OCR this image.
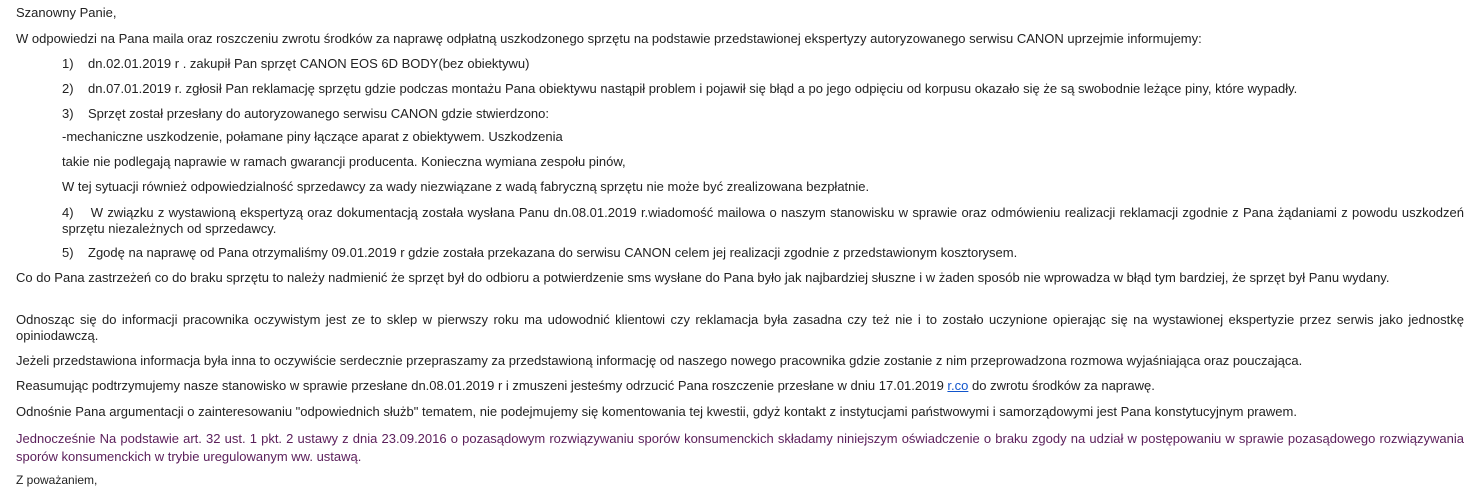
Szanowny Panie,
W odpowiedzi na Pana maila oraz roszczeniu zwrotu środków za naprawę odpłatną uszkodzonego sprzętu na podstawie przedstawionej ekspertyzy autoryzowanego serwisu CANON uprzejmie informujemy:
1) dn.02.01.2019 r . zakupił Pan sprzęt CANON EOS 6D BODY(bez obiektywu)
2) dn.07.01.2019 r. zgłosił Pan reklamację sprzętu gdzie podczas montażu Pana obiektywu nastąpił problem i pojawił się błąd a po jego odpięciu od korpusu okazało się że są swobodnie leżące piny, które wypadły.
3) Sprzęt został przesłany do autoryzowanego serwisu CANON gdzie stwierdzono:
-mechaniczne uszkodzenie, połamane piny łączące aparat z obiektywem. Uszkodzenia
takie nie podlegają naprawie w ramach gwarancji producenta. Konieczna wymiana zespołu pinów,
W tej sytuacji również odpowiedzialność sprzedawcy za wady niezwiązane z wadą fabryczną sprzętu nie może być zrealizowana bezpłatnie.
4) W związku z wystawioną ekspertyzą oraz dokumentacją została wysłana Panu dn.08.01.2019 r.wiadomość mailowa o naszym stanowisku w sprawie oraz odmówieniu realizacji reklamacji zgodnie z Pana żądaniami z powodu uszkodzeń sprzętu niezależnych od sprzedawcy.
5) Zgodę na naprawę od Pana otrzymaliśmy 09.01.2019 r gdzie została przekazana do serwisu CANON celem jej realizacji zgodnie z przedstawionym kosztorysem.
Co do Pana zastrzeżeń co do braku sprzętu to należy nadmienić że sprzęt był do odbioru a potwierdzenie sms wysłane do Pana było jak najbardziej słuszne i w żaden sposób nie wprowadza w błąd tym bardziej, że sprzęt był Panu wydany.
Odnosząc się do informacji pracownika oczywistym jest ze to sklep w pierwszy roku ma udowodnić klientowi czy reklamacja była zasadna czy też nie i to zostało uczynione opierając się na wystawionej ekspertyzie przez serwis jako jednostkę opiniodawczą.
Jeżeli przedstawiona informacja była inna to oczywiście serdecznie przepraszamy za przedstawioną informację od naszego nowego pracownika gdzie zostanie z nim przeprowadzona rozmowa wyjaśniająca oraz pouczająca.
Reasumując podtrzymujemy nasze stanowisko w sprawie przesłane dn.08.01.2019 r i zmuszeni jesteśmy odrzucić Pana roszczenie przesłane w dniu 17.01.2019 r.co do zwrotu środków za naprawę.
Odnośnie Pana argumentacji o zainteresowaniu "odpowiednich służb" tematem, nie podejmujemy się komentowania tej kwestii, gdyż kontakt z instytucjami państwowymi i samorządowymi jest Pana konstytucyjnym prawem.
Jednocześnie Na podstawie art. 32 ust. 1 pkt. 2 ustawy z dnia 23.09.2016 o pozasądowym rozwiązywaniu sporów konsumenckich składamy niniejszym oświadczenie o braku zgody na udział w postępowaniu w sprawie pozasądowego rozwiązywania sporów konsumenckich w trybie uregulowanym ww. ustawą.
Z poważaniem,
